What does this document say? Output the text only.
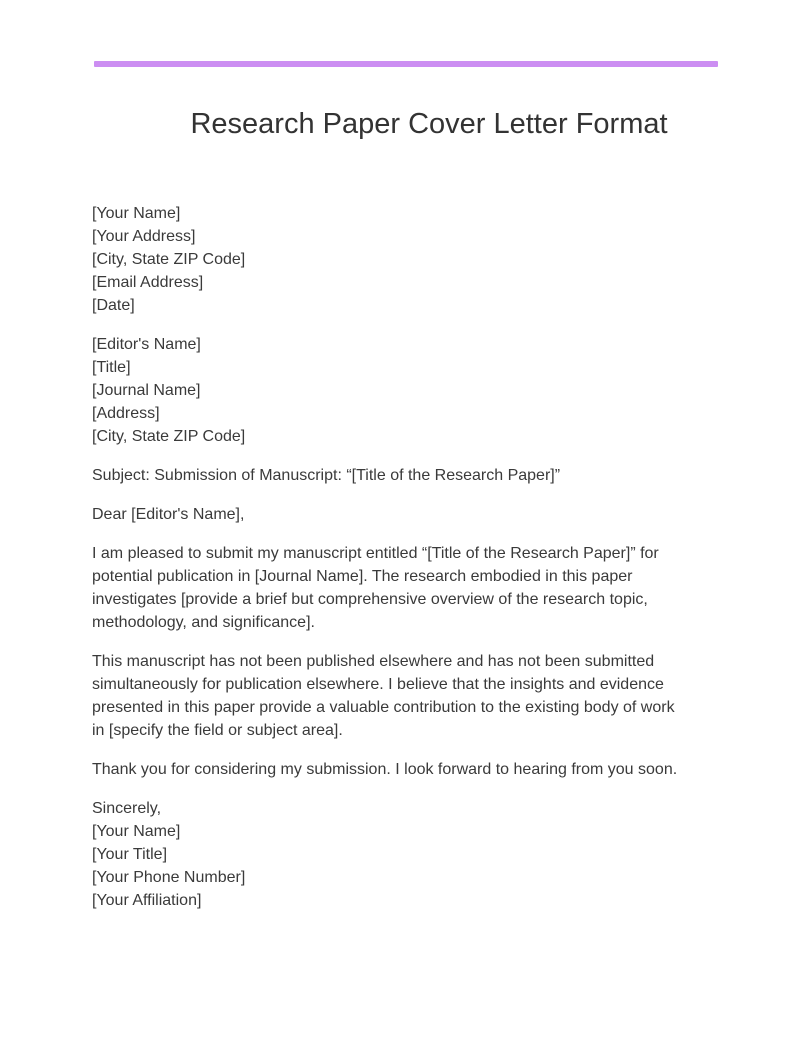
Research Paper Cover Letter Format
[Your Name]
[Your Address]
[City, State ZIP Code]
[Email Address]
[Date]
[Editor's Name]
[Title]
[Journal Name]
[Address]
[City, State ZIP Code]
Subject: Submission of Manuscript: “[Title of the Research Paper]”
Dear [Editor's Name],
I am pleased to submit my manuscript entitled “[Title of the Research Paper]” for
potential publication in [Journal Name]. The research embodied in this paper
investigates [provide a brief but comprehensive overview of the research topic,
methodology, and significance].
This manuscript has not been published elsewhere and has not been submitted
simultaneously for publication elsewhere. I believe that the insights and evidence
presented in this paper provide a valuable contribution to the existing body of work
in [specify the field or subject area].
Thank you for considering my submission. I look forward to hearing from you soon.
Sincerely,
[Your Name]
[Your Title]
[Your Phone Number]
[Your Affiliation]
